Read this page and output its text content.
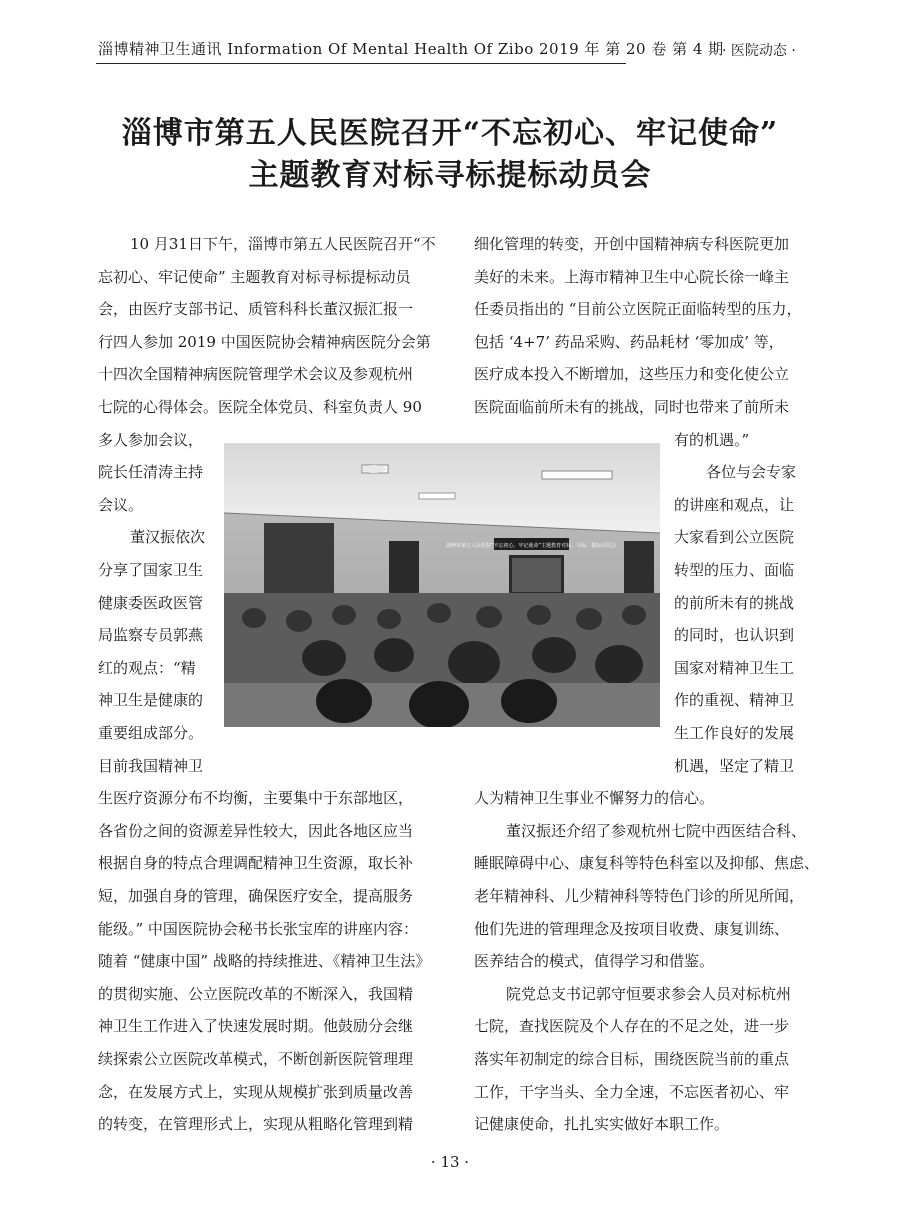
淄博精神卫生通讯 Information Of Mental Health Of Zibo 2019 年 第 20 卷 第 4 期
· 医院动态 ·
淄博市第五人民医院召开“不忘初心、牢记使命”
主题教育对标寻标提标动员会
10 月31日下午，淄博市第五人民医院召开“不
忘初心、牢记使命” 主题教育对标寻标提标动员
会，由医疗支部书记、质管科科长董汉振汇报一
行四人参加 2019 中国医院协会精神病医院分会第
十四次全国精神病医院管理学术会议及参观杭州
七院的心得体会。医院全体党员、科室负责人 90
多人参加会议，
院长任清涛主持
会议。
董汉振依次
分享了国家卫生
健康委医政医管
局监察专员郭燕
红的观点：“精
神卫生是健康的
重要组成部分。
目前我国精神卫
生医疗资源分布不均衡，主要集中于东部地区，
各省份之间的资源差异性较大，因此各地区应当
根据自身的特点合理调配精神卫生资源，取长补
短，加强自身的管理，确保医疗安全，提高服务
能级。” 中国医院协会秘书长张宝库的讲座内容：
随着 “健康中国” 战略的持续推进、《精神卫生法》
的贯彻实施、公立医院改革的不断深入，我国精
神卫生工作进入了快速发展时期。他鼓励分会继
续探索公立医院改革模式，不断创新医院管理理
念，在发展方式上，实现从规模扩张到质量改善
的转变，在管理形式上，实现从粗略化管理到精
细化管理的转变，开创中国精神病专科医院更加
美好的未来。上海市精神卫生中心院长徐一峰主
任委员指出的 “目前公立医院正面临转型的压力，
包括 ‘4+7’ 药品采购、药品耗材 ‘零加成’ 等，
医疗成本投入不断增加，这些压力和变化使公立
医院面临前所未有的挑战，同时也带来了前所未
有的机遇。”
各位与会专家
的讲座和观点，让
大家看到公立医院
转型的压力、面临
的前所未有的挑战
的同时，也认识到
国家对精神卫生工
作的重视、精神卫
生工作良好的发展
机遇，坚定了精卫
人为精神卫生事业不懈努力的信心。
董汉振还介绍了参观杭州七院中西医结合科、
睡眠障碍中心、康复科等特色科室以及抑郁、焦虑、
老年精神科、儿少精神科等特色门诊的所见所闻，
他们先进的管理理念及按项目收费、康复训练、
医养结合的模式，值得学习和借鉴。
院党总支书记郭守恒要求参会人员对标杭州
七院，查找医院及个人存在的不足之处，进一步
落实年初制定的综合目标，围绕医院当前的重点
工作，干字当头、全力全速，不忘医者初心、牢
记健康使命，扎扎实实做好本职工作。
淄博市第五人民医院“不忘初心、牢记使命”主题教育对标、寻标、提标动员会
· 13 ·
